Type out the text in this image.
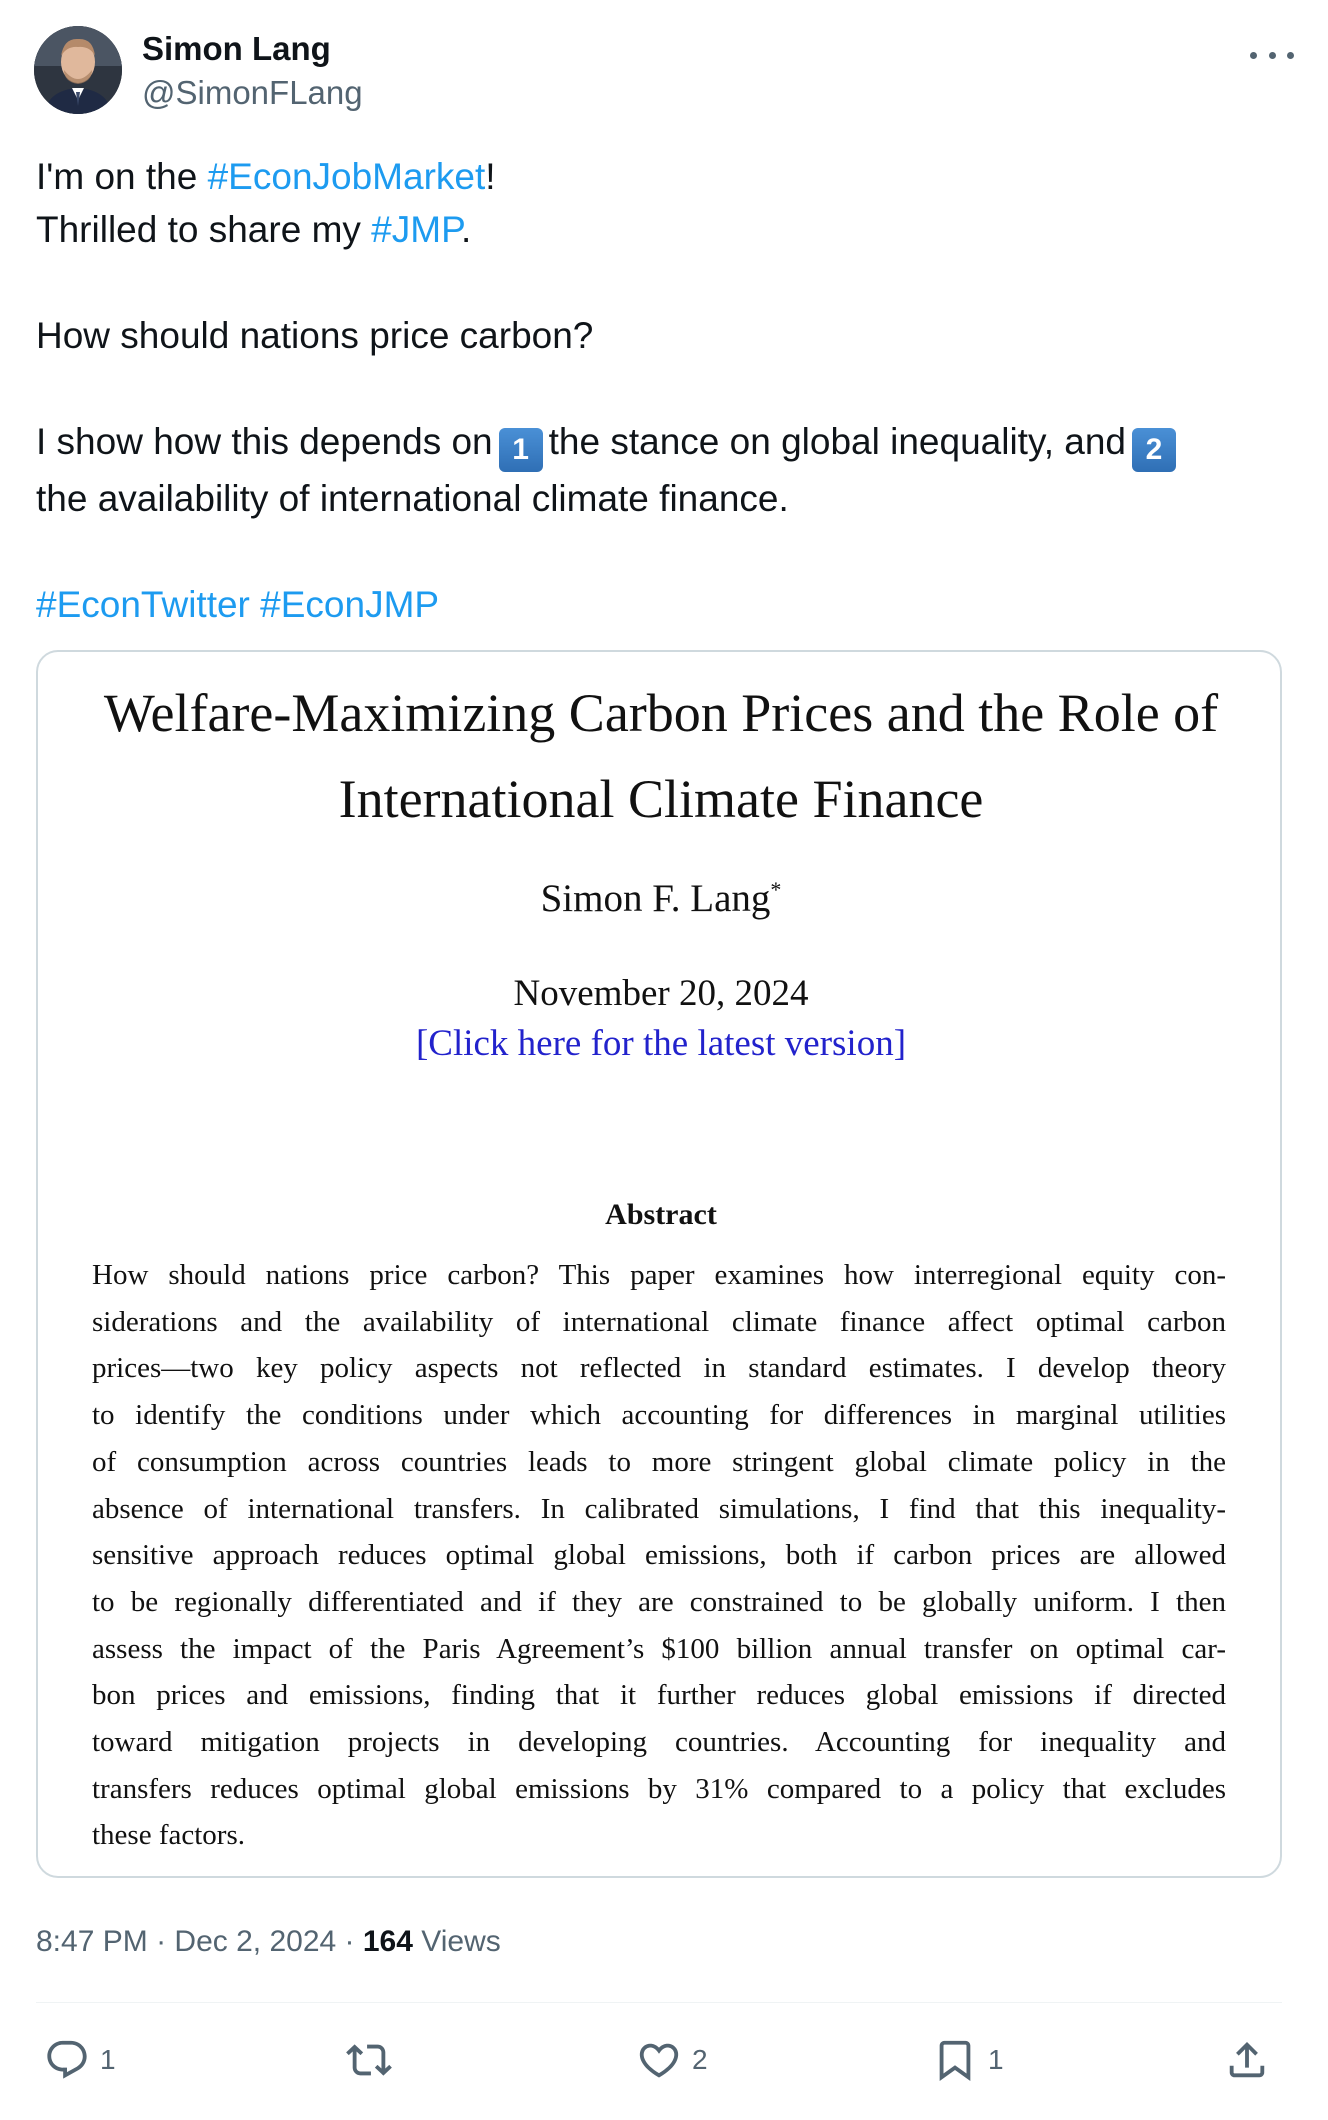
Simon Lang
@SimonFLang
I'm on the #EconJobMarket!
Thrilled to share my #JMP.
How should nations price carbon?
I show how this depends on 1 the stance on global inequality, and 2
the availability of international climate finance.
#EconTwitter #EconJMP
Welfare-Maximizing Carbon Prices and the Role of
International Climate Finance
Simon F. Lang*
November 20, 2024
[Click here for the latest version]
Abstract
How should nations price carbon? This paper examines how interregional equity con-
siderations and the availability of international climate finance affect optimal carbon
prices—two key policy aspects not reflected in standard estimates. I develop theory
to identify the conditions under which accounting for differences in marginal utilities
of consumption across countries leads to more stringent global climate policy in the
absence of international transfers. In calibrated simulations, I find that this inequality-
sensitive approach reduces optimal global emissions, both if carbon prices are allowed
to be regionally differentiated and if they are constrained to be globally uniform. I then
assess the impact of the Paris Agreement’s $100 billion annual transfer on optimal car-
bon prices and emissions, finding that it further reduces global emissions if directed
toward mitigation projects in developing countries. Accounting for inequality and
transfers reduces optimal global emissions by 31% compared to a policy that excludes
these factors.
8:47 PM · Dec 2, 2024 · 164 Views
1	2	1
